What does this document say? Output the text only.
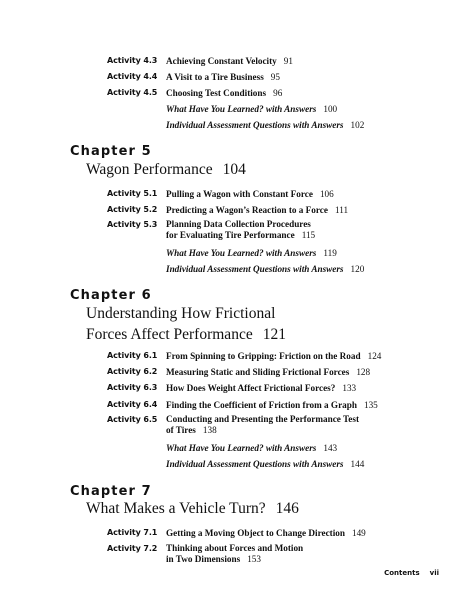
Activity 4.3 Achieving Constant Velocity 91
Activity 4.4 A Visit to a Tire Business 95
Activity 4.5 Choosing Test Conditions 96
What Have You Learned? with Answers 100
Individual Assessment Questions with Answers 102
Chapter 5
Wagon Performance 104
Activity 5.1 Pulling a Wagon with Constant Force 106
Activity 5.2 Predicting a Wagon’s Reaction to a Force 111
Activity 5.3 Planning Data Collection Procedures
for Evaluating Tire Performance 115
What Have You Learned? with Answers 119
Individual Assessment Questions with Answers 120
Chapter 6
Understanding How Frictional
Forces Affect Performance 121
Activity 6.1 From Spinning to Gripping: Friction on the Road 124
Activity 6.2 Measuring Static and Sliding Frictional Forces 128
Activity 6.3 How Does Weight Affect Frictional Forces? 133
Activity 6.4 Finding the Coefficient of Friction from a Graph 135
Activity 6.5 Conducting and Presenting the Performance Test
of Tires 138
What Have You Learned? with Answers 143
Individual Assessment Questions with Answers 144
Chapter 7
What Makes a Vehicle Turn? 146
Activity 7.1 Getting a Moving Object to Change Direction 149
Activity 7.2 Thinking about Forces and Motion
in Two Dimensions 153
Contents vii
